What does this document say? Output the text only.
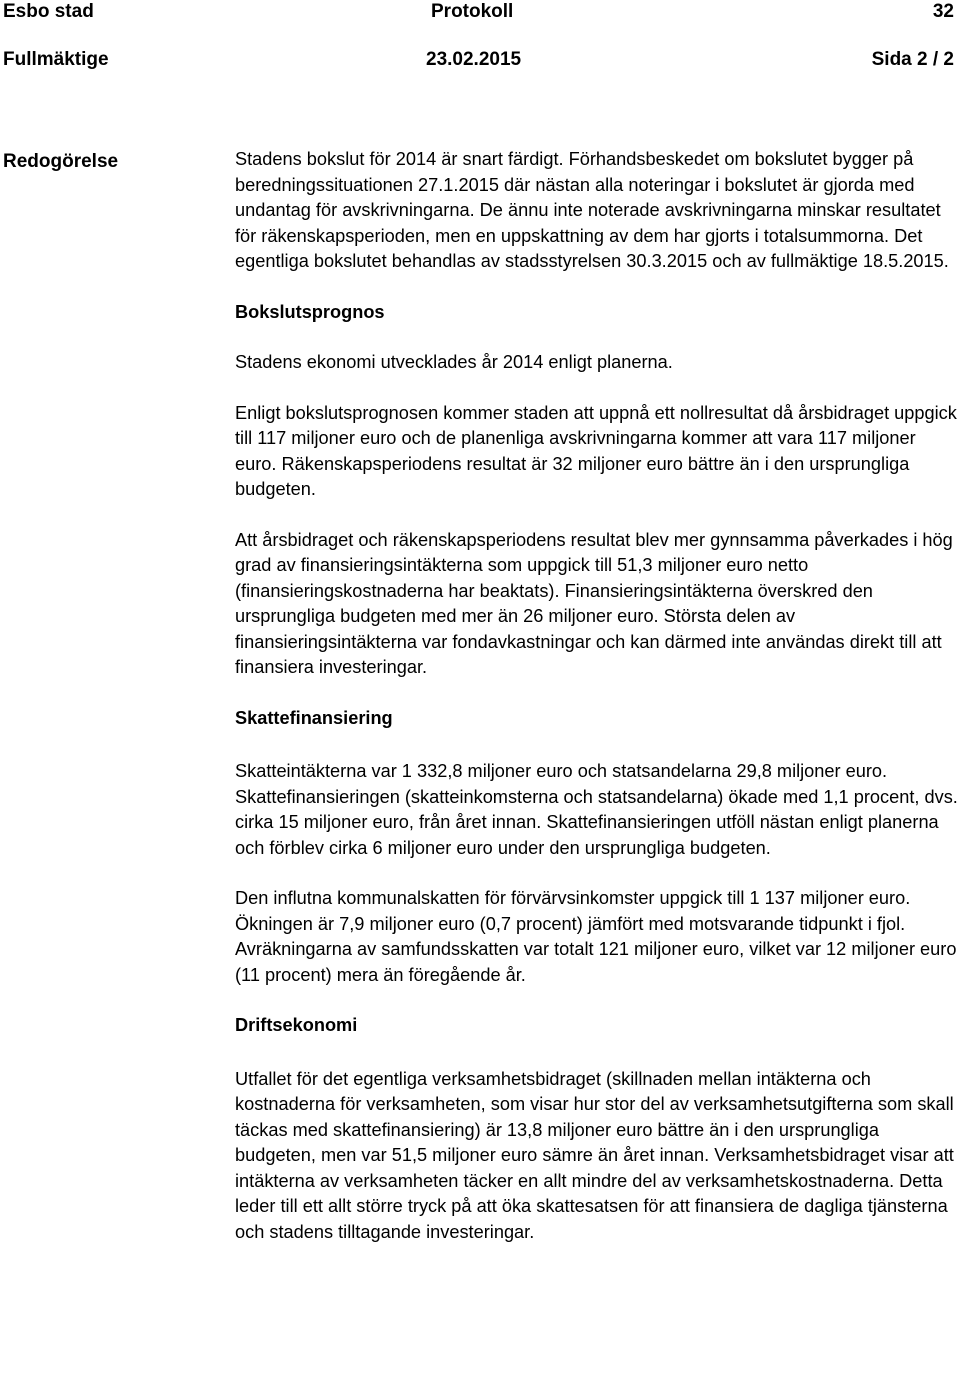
Esbo stad	Protokoll	32
Fullmäktige	23.02.2015	Sida 2 / 2
Redogörelse	Stadens bokslut för 2014 är snart färdigt. Förhandsbeskedet om bokslutet bygger på beredningssituationen 27.1.2015 där nästan alla noteringar i bokslutet är gjorda med undantag för avskrivningarna. De ännu inte noterade avskrivningarna minskar resultatet för räkenskapsperioden, men en uppskattning av dem har gjorts i totalsummorna. Det egentliga bokslutet behandlas av stadsstyrelsen 30.3.2015 och av fullmäktige 18.5.2015.

Bokslutsprognos

Stadens ekonomi utvecklades år 2014 enligt planerna.

Enligt bokslutsprognosen kommer staden att uppnå ett nollresultat då årsbidraget uppgick till 117 miljoner euro och de planenliga avskrivningarna kommer att vara 117 miljoner euro. Räkenskapsperiodens resultat är 32 miljoner euro bättre än i den ursprungliga budgeten.

Att årsbidraget och räkenskapsperiodens resultat blev mer gynnsamma påverkades i hög grad av finansieringsintäkterna som uppgick till 51,3 miljoner euro netto (finansieringskostnaderna har beaktats). Finansieringsintäkterna överskred den ursprungliga budgeten med mer än 26 miljoner euro. Största delen av finansieringsintäkterna var fondavkastningar och kan därmed inte användas direkt till att finansiera investeringar.

Skattefinansiering

Skatteintäkterna var 1 332,8 miljoner euro och statsandelarna 29,8 miljoner euro. Skattefinansieringen (skatteinkomsterna och statsandelarna) ökade med 1,1 procent, dvs. cirka 15 miljoner euro, från året innan. Skattefinansieringen utföll nästan enligt planerna och förblev cirka 6 miljoner euro under den ursprungliga budgeten.

Den influtna kommunalskatten för förvärvsinkomster uppgick till 1 137 miljoner euro. Ökningen är 7,9 miljoner euro (0,7 procent) jämfört med motsvarande tidpunkt i fjol. Avräkningarna av samfundsskatten var totalt 121 miljoner euro, vilket var 12 miljoner euro (11 procent) mera än föregående år.

Driftsekonomi

Utfallet för det egentliga verksamhetsbidraget (skillnaden mellan intäkterna och kostnaderna för verksamheten, som visar hur stor del av verksamhetsutgifterna som skall täckas med skattefinansiering) är 13,8 miljoner euro bättre än i den ursprungliga budgeten, men var 51,5 miljoner euro sämre än året innan. Verksamhetsbidraget visar att intäkterna av verksamheten täcker en allt mindre del av verksamhetskostnaderna. Detta leder till ett allt större tryck på att öka skattesatsen för att finansiera de dagliga tjänsterna och stadens tilltagande investeringar.
